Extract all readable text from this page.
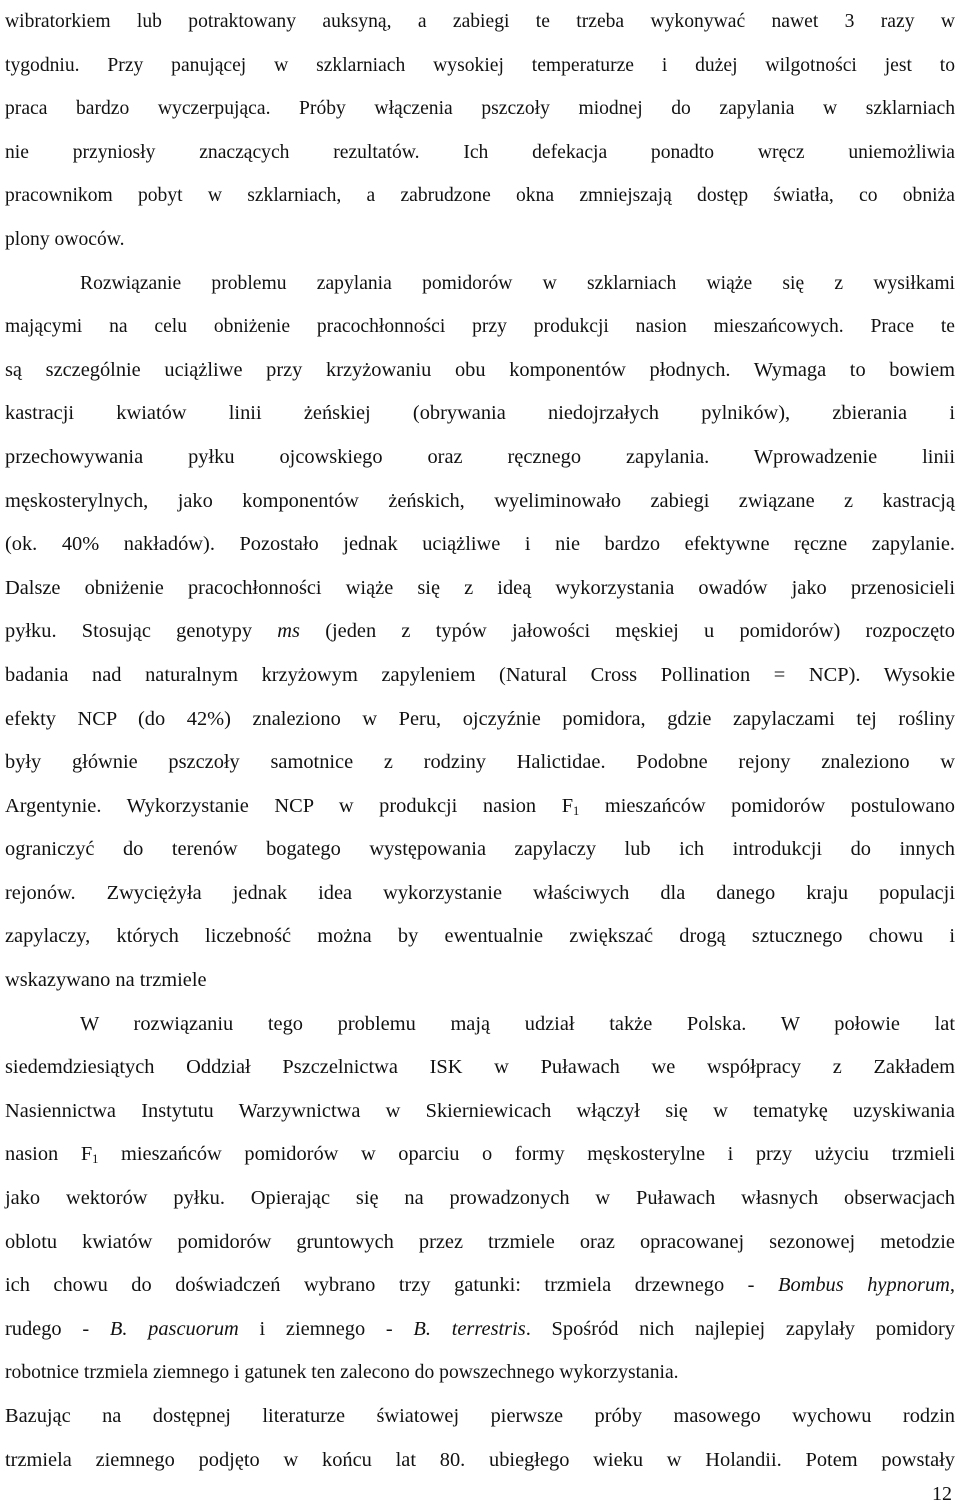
wibratorkiem lub potraktowany auksyną, a zabiegi te trzeba wykonywać nawet 3 razy w
tygodniu. Przy panującej w szklarniach wysokiej temperaturze i dużej wilgotności jest to
praca bardzo wyczerpująca. Próby włączenia pszczoły miodnej do zapylania w szklarniach
nie przyniosły znaczących rezultatów. Ich defekacja ponadto wręcz uniemożliwia
pracownikom pobyt w szklarniach, a zabrudzone okna zmniejszają dostęp światła, co obniża
plony owoców.
Rozwiązanie problemu zapylania pomidorów w szklarniach wiąże się z wysiłkami
mającymi na celu obniżenie pracochłonności przy produkcji nasion mieszańcowych. Prace te
są szczególnie uciążliwe przy krzyżowaniu obu komponentów płodnych. Wymaga to bowiem
kastracji kwiatów linii żeńskiej (obrywania niedojrzałych pylników), zbierania i
przechowywania pyłku ojcowskiego oraz ręcznego zapylania. Wprowadzenie linii
męskosterylnych, jako komponentów żeńskich, wyeliminowało zabiegi związane z kastracją
(ok. 40% nakładów). Pozostało jednak uciążliwe i nie bardzo efektywne ręczne zapylanie.
Dalsze obniżenie pracochłonności wiąże się z ideą wykorzystania owadów jako przenosicieli
pyłku. Stosując genotypy ms (jeden z typów jałowości męskiej u pomidorów) rozpoczęto
badania nad naturalnym krzyżowym zapyleniem (Natural Cross Pollination = NCP). Wysokie
efekty NCP (do 42%) znaleziono w Peru, ojczyźnie pomidora, gdzie zapylaczami tej rośliny
były głównie pszczoły samotnice z rodziny Halictidae. Podobne rejony znaleziono w
Argentynie. Wykorzystanie NCP w produkcji nasion $F_1$ mieszańców pomidorów postulowano
ograniczyć do terenów bogatego występowania zapylaczy lub ich introdukcji do innych
rejonów. Zwyciężyła jednak idea wykorzystanie właściwych dla danego kraju populacji
zapylaczy, których liczebność można by ewentualnie zwiększać drogą sztucznego chowu i
wskazywano na trzmiele
W rozwiązaniu tego problemu mają udział także Polska. W połowie lat
siedemdziesiątych Oddział Pszczelnictwa ISK w Puławach we współpracy z Zakładem
Nasiennictwa Instytutu Warzywnictwa w Skierniewicach włączył się w tematykę uzyskiwania
nasion $F_1$ mieszańców pomidorów w oparciu o formy męskosterylne i przy użyciu trzmieli
jako wektorów pyłku. Opierając się na prowadzonych w Puławach własnych obserwacjach
oblotu kwiatów pomidorów gruntowych przez trzmiele oraz opracowanej sezonowej metodzie
ich chowu do doświadczeń wybrano trzy gatunki: trzmiela drzewnego - Bombus hypnorum,
rudego - B. pascuorum i ziemnego - B. terrestris. Spośród nich najlepiej zapylały pomidory
robotnice trzmiela ziemnego i gatunek ten zalecono do powszechnego wykorzystania.
Bazując na dostępnej literaturze światowej pierwsze próby masowego wychowu rodzin
trzmiela ziemnego podjęto w końcu lat 80. ubiegłego wieku w Holandii. Potem powstały
12
